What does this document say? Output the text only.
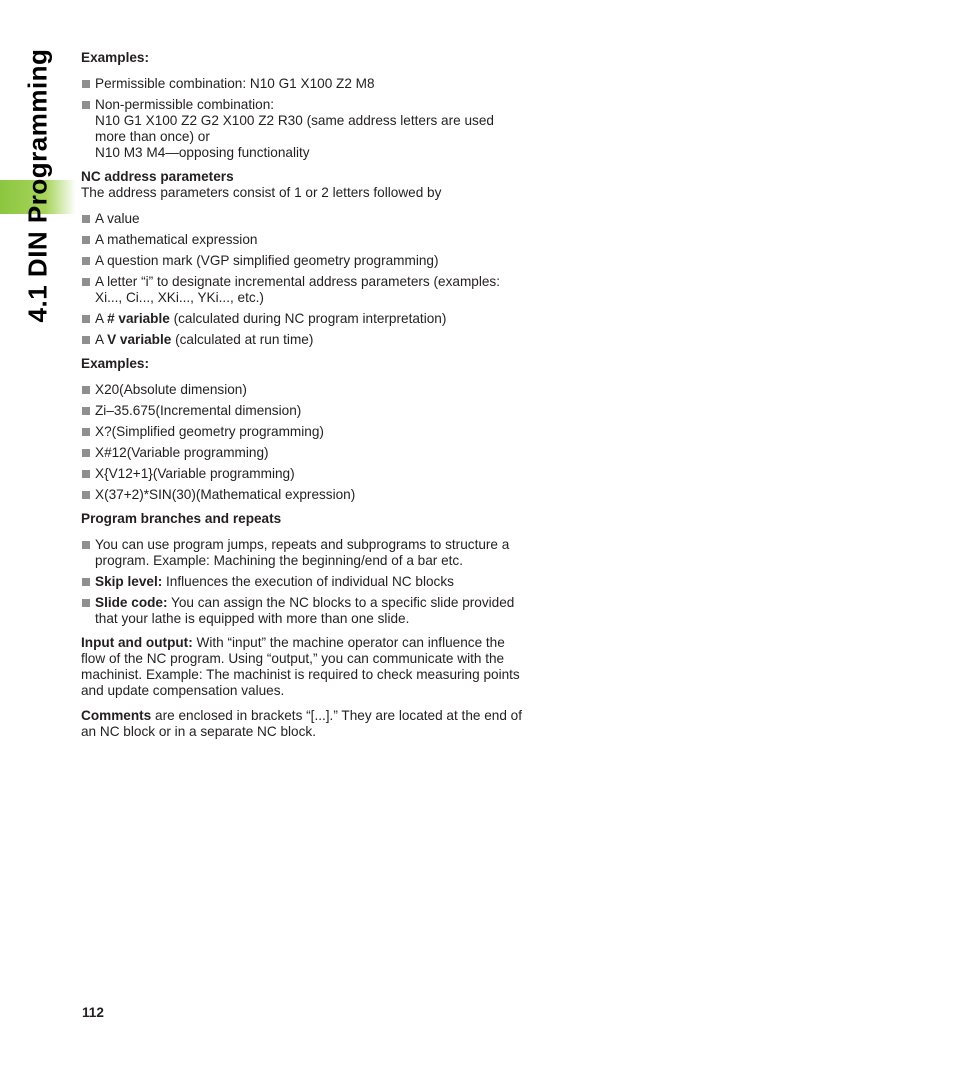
4.1 DIN Programming Examples:

Permissible combination: N10 G1 X100 Z2 M8
Non-permissible combination:
N10 G1 X100 Z2 G2 X100 Z2 R30 (same address letters are used more than once) or
N10 M3 M4—opposing functionality

NC address parameters

The address parameters consist of 1 or 2 letters followed by

A value
A mathematical expression
A question mark (VGP simplified geometry programming)
A letter “i” to designate incremental address parameters (examples: Xi..., Ci..., XKi..., YKi..., etc.)
A # variable (calculated during NC program interpretation)
A V variable (calculated at run time)

Examples:

X20(Absolute dimension)
Zi–35.675(Incremental dimension)
X?(Simplified geometry programming)
X#12(Variable programming)
X{V12+1}(Variable programming)
X(37+2)*SIN(30)(Mathematical expression)

Program branches and repeats

You can use program jumps, repeats and subprograms to structure a program. Example: Machining the beginning/end of a bar etc.
Skip level: Influences the execution of individual NC blocks
Slide code: You can assign the NC blocks to a specific slide provided that your lathe is equipped with more than one slide.

Input and output: With “input” the machine operator can influence the flow of the NC program. Using “output,” you can communicate with the machinist. Example: The machinist is required to check measuring points and update compensation values.

Comments are enclosed in brackets “[...].” They are located at the end of an NC block or in a separate NC block.

112
